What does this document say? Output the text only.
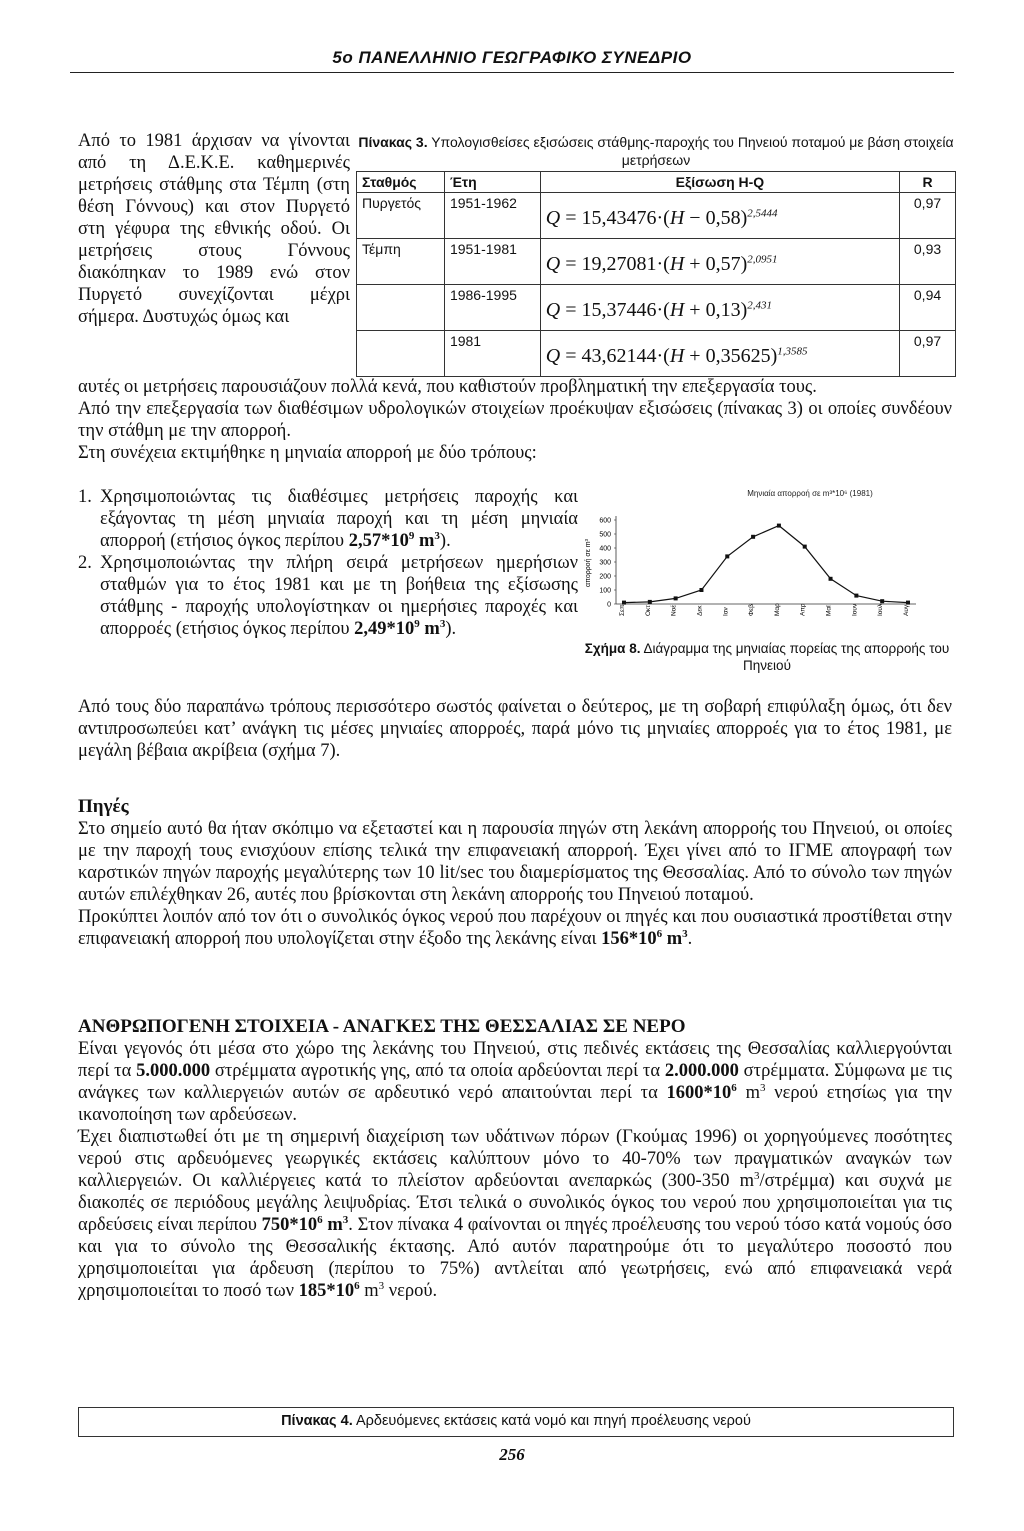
5ο ΠΑΝΕΛΛΗΝΙΟ ΓΕΩΓΡΑΦΙΚΟ ΣΥΝΕΔΡΙΟ

Από το 1981 άρχισαν να γίνονται από τη Δ.Ε.Κ.Ε. καθημερινές μετρήσεις στάθμης στα Τέμπη (στη θέση Γόννους) και στον Πυργετό στη γέφυρα της εθνικής οδού. Οι μετρήσεις στους Γόννους διακόπηκαν το 1989 ενώ στον Πυργετό συνεχίζονται μέχρι σήμερα. Δυστυχώς όμως και

Πίνακας 3. Υπολογισθείσες εξισώσεις στάθμης-παροχής του Πηνειού ποταμού με βάση στοιχεία μετρήσεων
Σταθμός	Έτη	Εξίσωση H-Q	R
Πυργετός	1951-1962	$Q = 15,43476\cdot(H - 0,58)^{2,5444}$	0,97
Τέμπη	1951-1981	$Q = 19,27081\cdot(H + 0,57)^{2,0951}$	0,93
	1986-1995	$Q = 15,37446\cdot(H + 0,13)^{2,431}$	0,94
	1981	$Q = 43,62144\cdot(H + 0,35625)^{1,3585}$	0,97

αυτές οι μετρήσεις παρουσιάζουν πολλά κενά, που καθιστούν προβληματική την επεξεργασία τους.

Από την επεξεργασία των διαθέσιμων υδρολογικών στοιχείων προέκυψαν εξισώσεις (πίνακας 3) οι οποίες συνδέουν την στάθμη με την απορροή.

Στη συνέχεια εκτιμήθηκε η μηνιαία απορροή με δύο τρόπους:

1. Χρησιμοποιώντας τις διαθέσιμες μετρήσεις παροχής και εξάγοντας τη μέση μηνιαία παροχή και τη μέση μηνιαία απορροή (ετήσιος όγκος περίπου $2,57*10^9$ $m^3$).

2. Χρησιμοποιώντας την πλήρη σειρά μετρήσεων ημερήσιων σταθμών για το έτος 1981 και με τη βοήθεια της εξίσωσης στάθμης - παροχής υπολογίστηκαν οι ημερήσιες παροχές και απορροές (ετήσιος όγκος περίπου $2,49*10^9$ $m^3$).

Μηνιαία απορροή σε m³*10⁶ (1981)
απορροή σε m³
0
100
200
300
400
500
600
Σεπ	Οκτ	Νοέ	Δεκ	Ιαν	Φεβ	Μαρ	Απρ	Μαϊ	Ιουν	Ιουλ	Αυγ
Σχήμα 8. Διάγραμμα της μηνιαίας πορείας της απορροής του Πηνειού

Από τους δύο παραπάνω τρόπους περισσότερο σωστός φαίνεται ο δεύτερος, με τη σοβαρή επιφύλαξη όμως, ότι δεν αντιπροσωπεύει κατ’ ανάγκη τις μέσες μηνιαίες απορροές, παρά μόνο τις μηνιαίες απορροές για το έτος 1981, με μεγάλη βέβαια ακρίβεια (σχήμα 7).

Πηγές

Στο σημείο αυτό θα ήταν σκόπιμο να εξεταστεί και η παρουσία πηγών στη λεκάνη απορροής του Πηνειού, οι οποίες με την παροχή τους ενισχύουν επίσης τελικά την επιφανειακή απορροή. Έχει γίνει από το ΙΓΜΕ απογραφή των καρστικών πηγών παροχής μεγαλύτερης των 10 lit/sec του διαμερίσματος της Θεσσαλίας. Από το σύνολο των πηγών αυτών επιλέχθηκαν 26, αυτές που βρίσκονται στη λεκάνη απορροής του Πηνειού ποταμού.

Προκύπτει λοιπόν από τον ότι ο συνολικός όγκος νερού που παρέχουν οι πηγές και που ουσιαστικά προστίθεται στην επιφανειακή απορροή που υπολογίζεται στην έξοδο της λεκάνης είναι $156*10^6$ $m^3$.

ΑΝΘΡΩΠΟΓΕΝΗ ΣΤΟΙΧΕΙΑ - ΑΝΑΓΚΕΣ ΤΗΣ ΘΕΣΣΑΛΙΑΣ ΣΕ ΝΕΡΟ

Είναι γεγονός ότι μέσα στο χώρο της λεκάνης του Πηνειού, στις πεδινές εκτάσεις της Θεσσαλίας καλλιεργούνται περί τα 5.000.000 στρέμματα αγροτικής γης, από τα οποία αρδεύονται περί τα 2.000.000 στρέμματα. Σύμφωνα με τις ανάγκες των καλλιεργειών αυτών σε αρδευτικό νερό απαιτούνται περί τα $1600*10^6$ $m^3$ νερού ετησίως για την ικανοποίηση των αρδεύσεων.

Έχει διαπιστωθεί ότι με τη σημερινή διαχείριση των υδάτινων πόρων (Γκούμας 1996) οι χορηγούμενες ποσότητες νερού στις αρδευόμενες γεωργικές εκτάσεις καλύπτουν μόνο το 40-70% των πραγματικών αναγκών των καλλιεργειών. Οι καλλιέργειες κατά το πλείστον αρδεύονται ανεπαρκώς (300-350 $m^3/\sigma\tau\rho έ\mu\mu\alpha$) και συχνά με διακοπές σε περιόδους μεγάλης λειψυδρίας. Έτσι τελικά ο συνολικός όγκος του νερού που χρησιμοποιείται για τις αρδεύσεις είναι περίπου $750*10^6$ $m^3$. Στον πίνακα 4 φαίνονται οι πηγές προέλευσης του νερού τόσο κατά νομούς όσο και για το σύνολο της Θεσσαλικής έκτασης. Από αυτόν παρατηρούμε ότι το μεγαλύτερο ποσοστό που χρησιμοποιείται για άρδευση (περίπου το 75%) αντλείται από γεωτρήσεις, ενώ από επιφανειακά νερά χρησιμοποιείται το ποσό των $185*10^6$ $m^3$ νερού.

Πίνακας 4. Αρδευόμενες εκτάσεις κατά νομό και πηγή προέλευσης νερού
256
